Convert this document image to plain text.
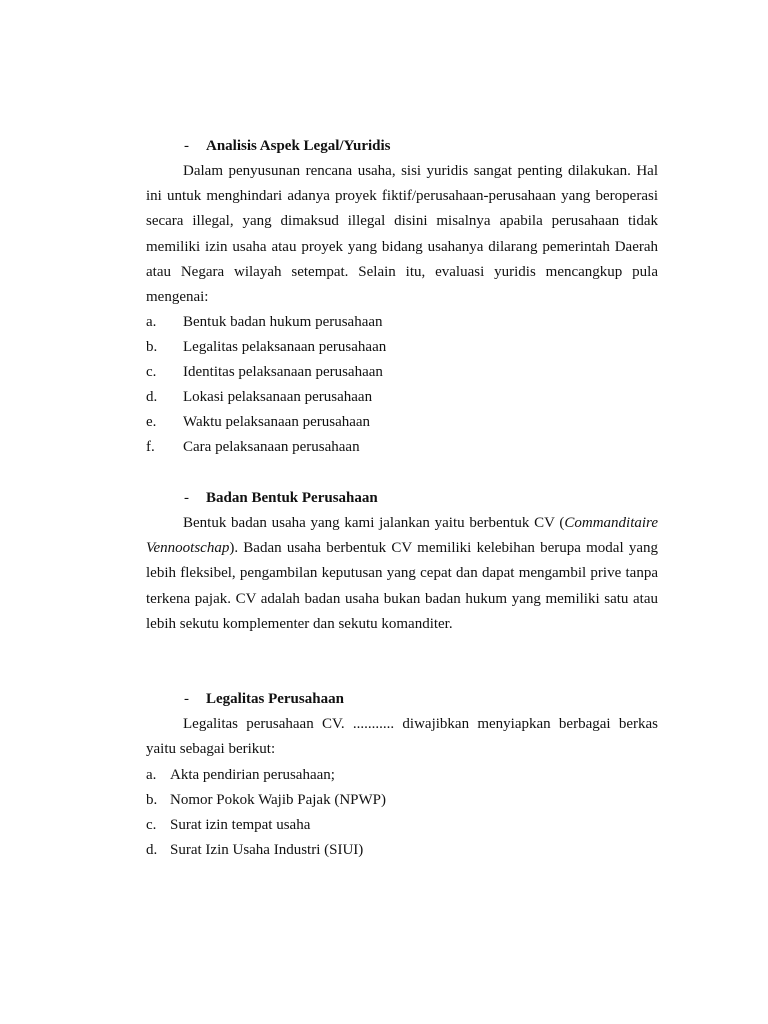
- Analisis Aspek Legal/Yuridis

Dalam penyusunan rencana usaha, sisi yuridis sangat penting dilakukan. Hal ini untuk menghindari adanya proyek fiktif/perusahaan-perusahaan yang beroperasi secara illegal, yang dimaksud illegal disini misalnya apabila perusahaan tidak memiliki izin usaha atau proyek yang bidang usahanya dilarang pemerintah Daerah atau Negara wilayah setempat. Selain itu, evaluasi yuridis mencangkup pula mengenai:

a. Bentuk badan hukum perusahaan
b. Legalitas pelaksanaan perusahaan
c. Identitas pelaksanaan perusahaan
d. Lokasi pelaksanaan perusahaan
e. Waktu pelaksanaan perusahaan
f. Cara pelaksanaan perusahaan
- Badan Bentuk Perusahaan

Bentuk badan usaha yang kami jalankan yaitu berbentuk CV (Commanditaire Vennootschap). Badan usaha berbentuk CV memiliki kelebihan berupa modal yang lebih fleksibel, pengambilan keputusan yang cepat dan dapat mengambil prive tanpa terkena pajak. CV adalah badan usaha bukan badan hukum yang memiliki satu atau lebih sekutu komplementer dan sekutu komanditer.

- Legalitas Perusahaan

Legalitas perusahaan CV. ........... diwajibkan menyiapkan berbagai berkas yaitu sebagai berikut:

a. Akta pendirian perusahaan;
b. Nomor Pokok Wajib Pajak (NPWP)
c. Surat izin tempat usaha
d. Surat Izin Usaha Industri (SIUI)
